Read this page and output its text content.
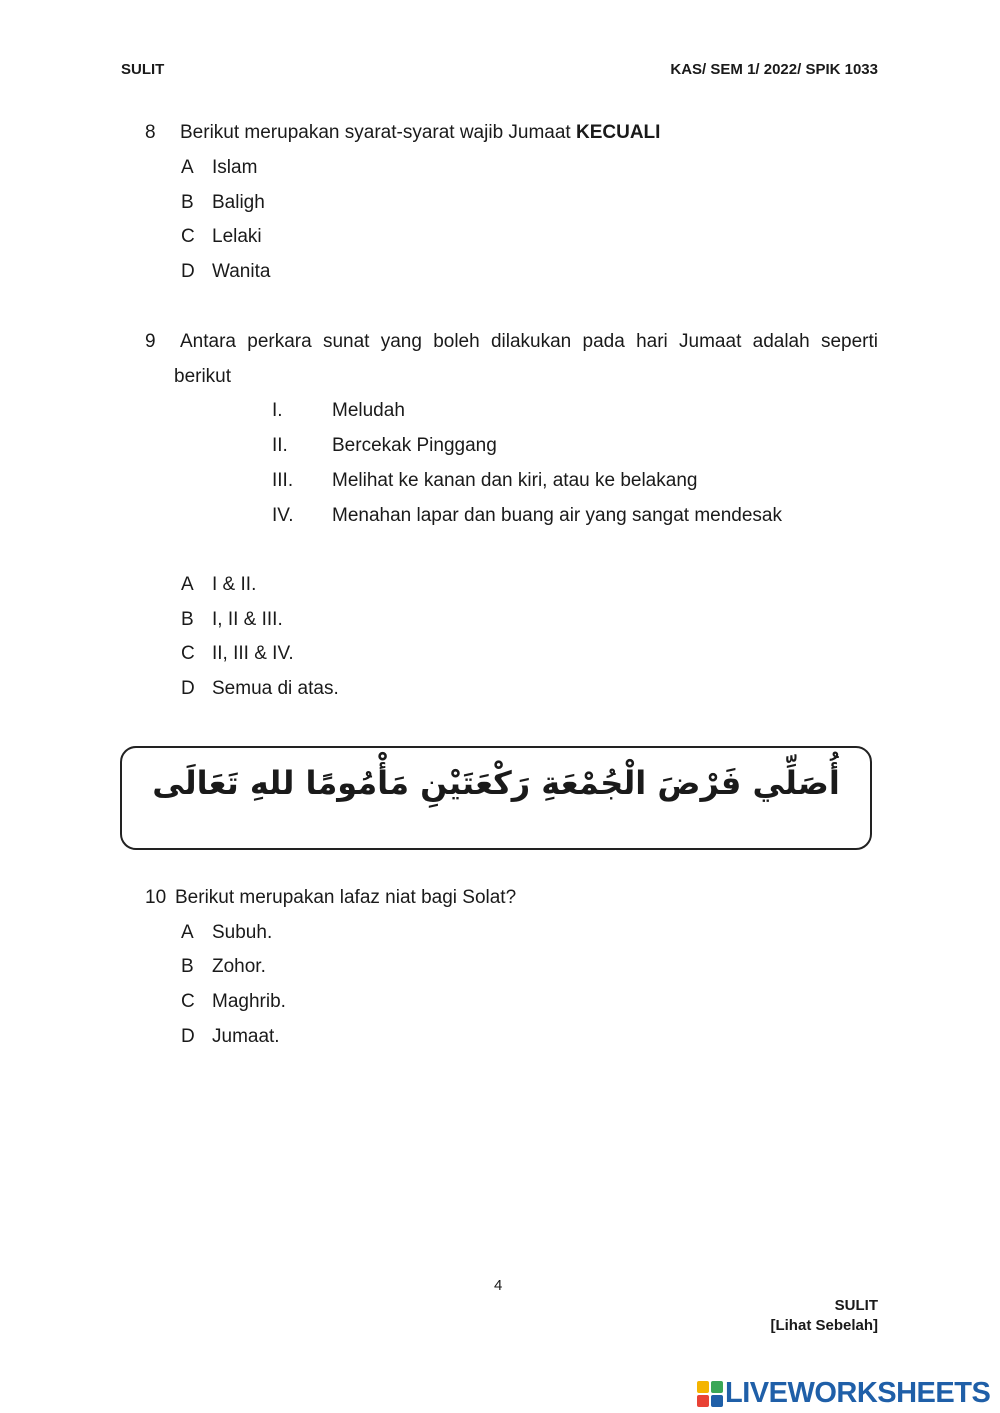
SULIT	KAS/ SEM 1/ 2022/ SPIK 1033
8 Berikut merupakan syarat-syarat wajib Jumaat KECUALI
A Islam
B Baligh
C Lelaki
D Wanita
9 Antara perkara sunat yang boleh dilakukan pada hari Jumaat adalah seperti
berikut
I.	Meludah
II. Bercekak Pinggang
III. Melihat ke kanan dan kiri, atau ke belakang
IV. Menahan lapar dan buang air yang sangat mendesak
A I & II.
B I, II & III.
C II, III & IV.
D Semua di atas.
أُصَلِّي فَرْضَ الْجُمْعَةِ رَكْعَتَيْنِ مَأْمُومًا للهِ تَعَالَى
10 Berikut merupakan lafaz niat bagi Solat?
A Subuh.
B Zohor.
C Maghrib.
D Jumaat.
4
SULIT
[Lihat Sebelah]
LIVEWORKSHEETS
